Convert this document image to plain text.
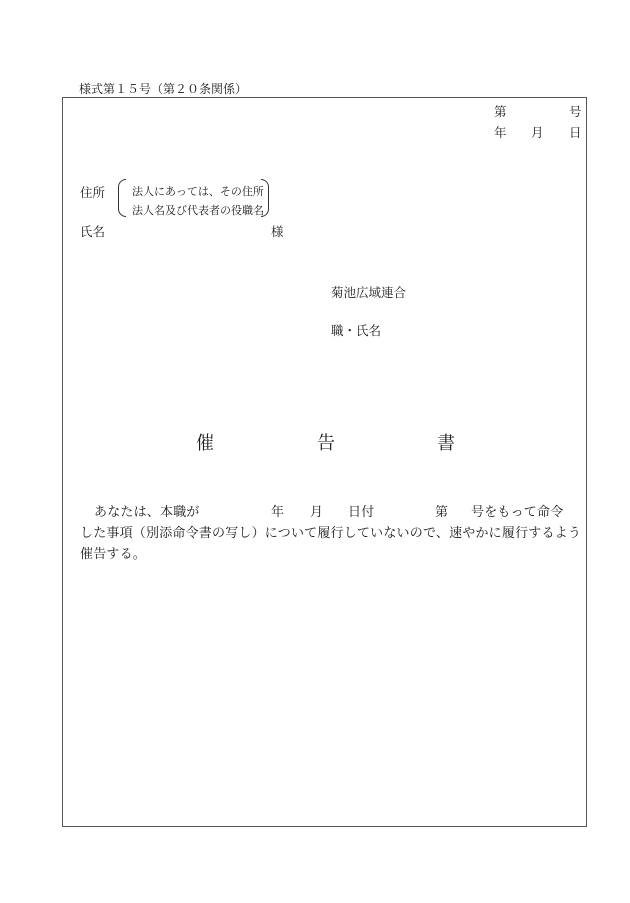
様式第１５号（第２０条関係）
第	号
年 月 日
住所 法人にあっては、その住所
法人名及び代表者の役職名
氏名	様
菊池広域連合
職・氏名
催	告	書
あなたは、本職が	年 月 日付	第 号をもって命令
した事項（別添命令書の写し）について履行していないので、速やかに履行するよう
催告する。
